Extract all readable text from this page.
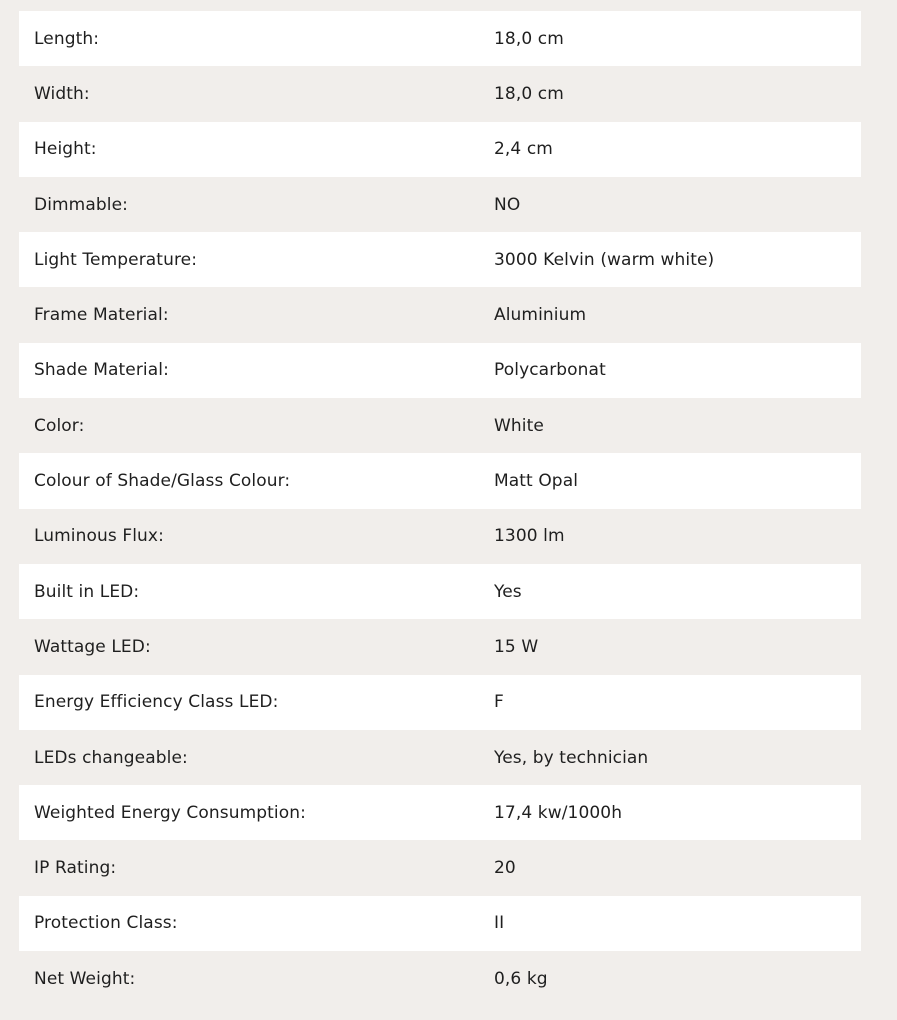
Length:	18,0 cm
Width:	18,0 cm
Height:	2,4 cm
Dimmable:	NO
Light Temperature:	3000 Kelvin (warm white)
Frame Material:	Aluminium
Shade Material:	Polycarbonat
Color:	White
Colour of Shade/Glass Colour:	Matt Opal
Luminous Flux:	1300 lm
Built in LED:	Yes
Wattage LED:	15 W
Energy Efficiency Class LED:	F
LEDs changeable:	Yes, by technician
Weighted Energy Consumption:	17,4 kw/1000h
IP Rating:	20
Protection Class:	II
Net Weight:	0,6 kg
